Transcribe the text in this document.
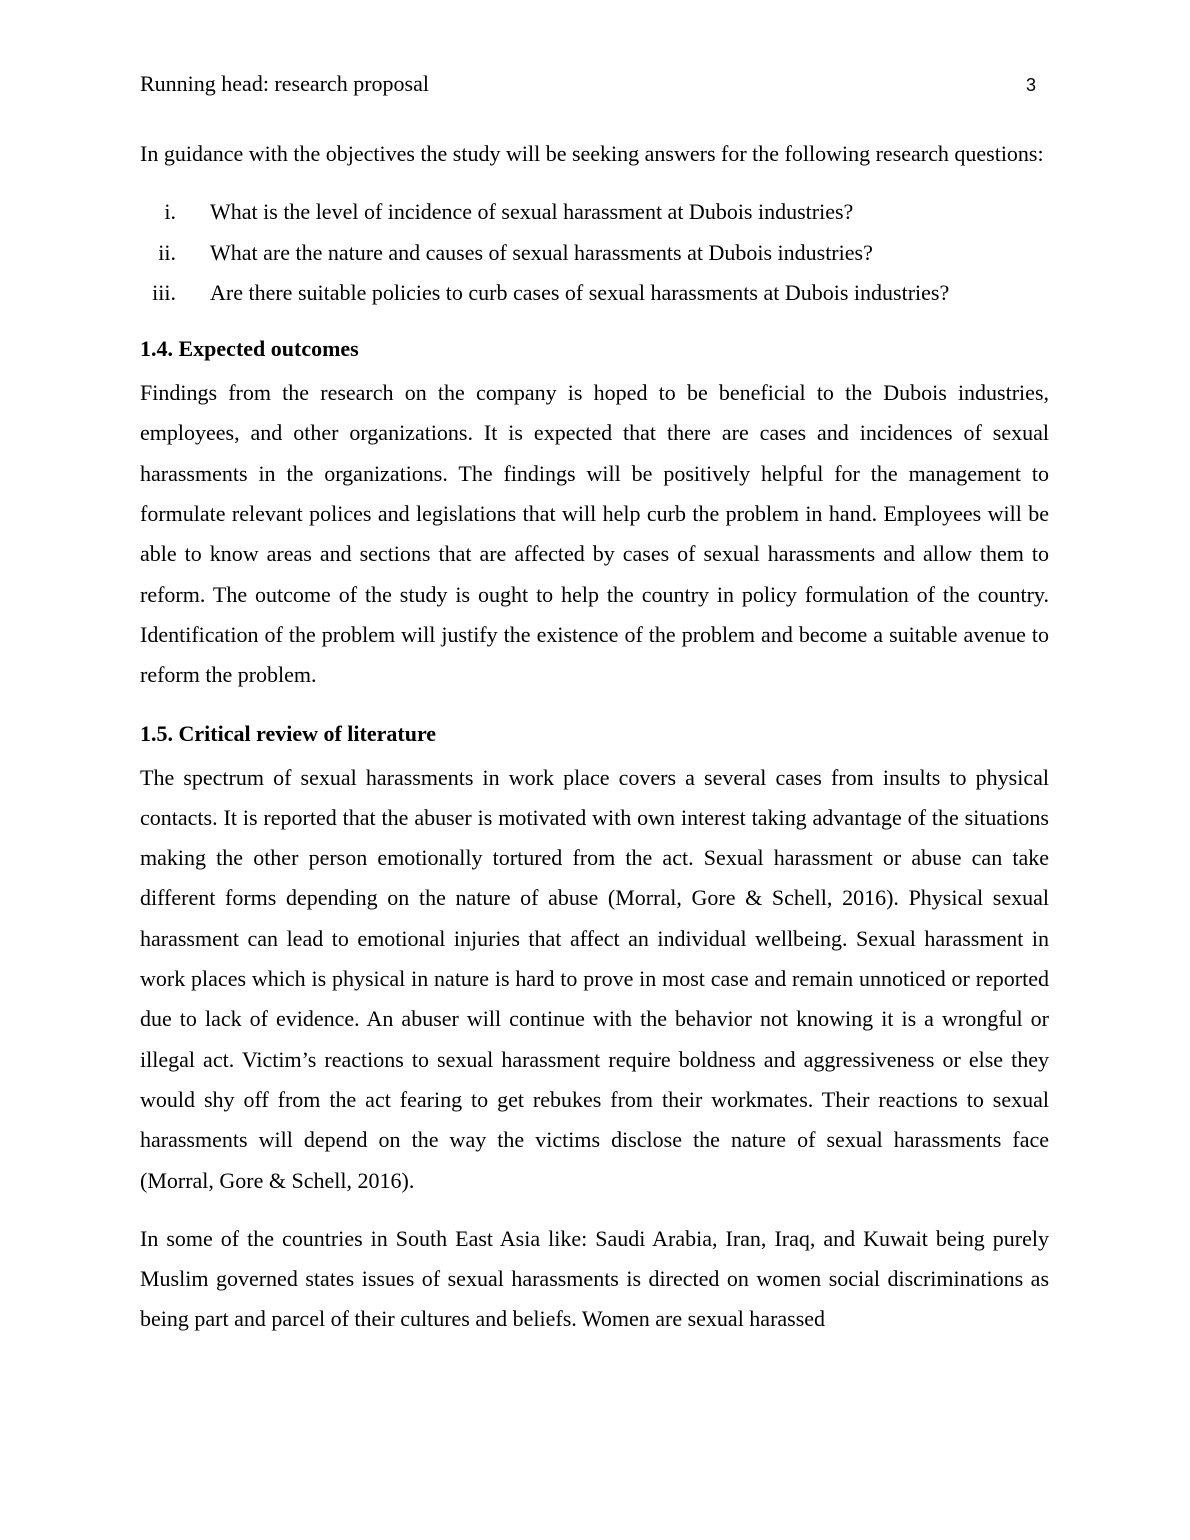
Running head: research proposal	3

In guidance with the objectives the study will be seeking answers for the following research questions:

i. What is the level of incidence of sexual harassment at Dubois industries?
ii. What are the nature and causes of sexual harassments at Dubois industries?
iii. Are there suitable policies to curb cases of sexual harassments at Dubois industries?
1.4. Expected outcomes

Findings from the research on the company is hoped to be beneficial to the Dubois industries, employees, and other organizations. It is expected that there are cases and incidences of sexual harassments in the organizations. The findings will be positively helpful for the management to formulate relevant polices and legislations that will help curb the problem in hand. Employees will be able to know areas and sections that are affected by cases of sexual harassments and allow them to reform. The outcome of the study is ought to help the country in policy formulation of the country. Identification of the problem will justify the existence of the problem and become a suitable avenue to reform the problem.

1.5. Critical review of literature

The spectrum of sexual harassments in work place covers a several cases from insults to physical contacts. It is reported that the abuser is motivated with own interest taking advantage of the situations making the other person emotionally tortured from the act. Sexual harassment or abuse can take different forms depending on the nature of abuse (Morral, Gore & Schell, 2016). Physical sexual harassment can lead to emotional injuries that affect an individual wellbeing. Sexual harassment in work places which is physical in nature is hard to prove in most case and remain unnoticed or reported due to lack of evidence. An abuser will continue with the behavior not knowing it is a wrongful or illegal act. Victim’s reactions to sexual harassment require boldness and aggressiveness or else they would shy off from the act fearing to get rebukes from their workmates. Their reactions to sexual harassments will depend on the way the victims disclose the nature of sexual harassments face (Morral, Gore & Schell, 2016).

In some of the countries in South East Asia like: Saudi Arabia, Iran, Iraq, and Kuwait being purely Muslim governed states issues of sexual harassments is directed on women social discriminations as being part and parcel of their cultures and beliefs. Women are sexual harassed
